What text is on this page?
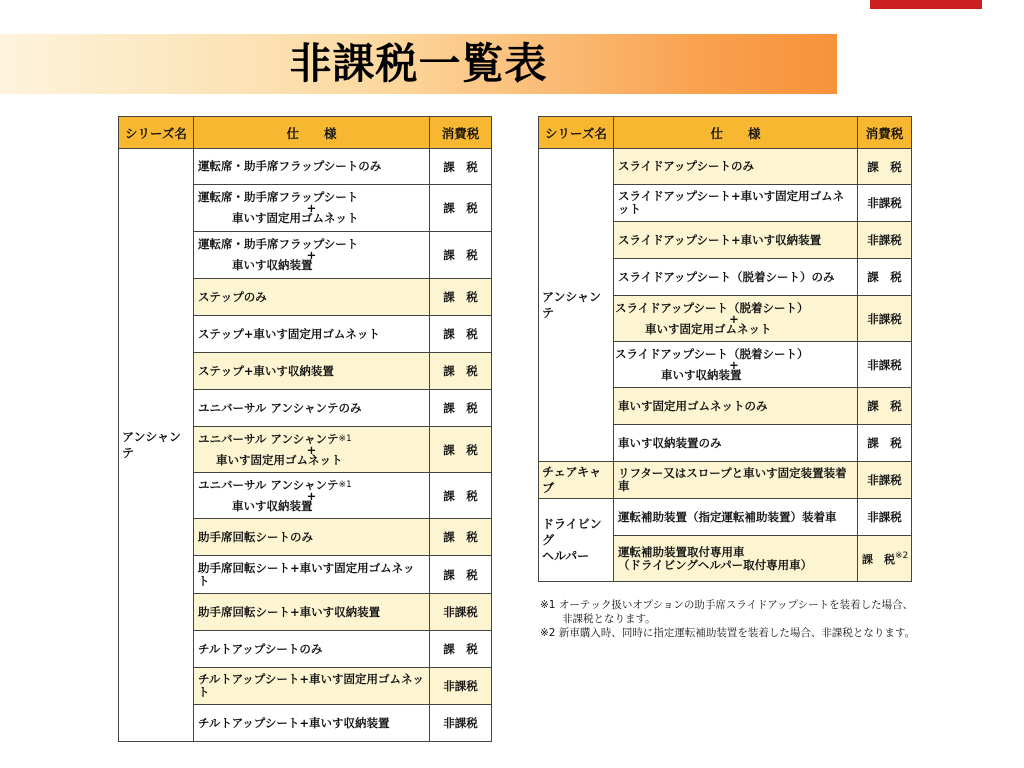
非課税一覧表
シリーズ名	仕　　様	消費税
アンシャンテ	運転席・助手席フラップシートのみ	課　税
	運転席・助手席フラップシート
+
車いす固定用ゴムネット	課　税
	運転席・助手席フラップシート
+
車いす収納装置	課　税
	ステップのみ	課　税
	ステップ+車いす固定用ゴムネット	課　税
	ステップ+車いす収納装置	課　税
	ユニバーサル アンシャンテのみ	課　税
	ユニバーサル アンシャンテ$^{※1}$
+
車いす固定用ゴムネット	課　税
	ユニバーサル アンシャンテ$^{※1}$
+
車いす収納装置	課　税
	助手席回転シートのみ	課　税
	助手席回転シート+車いす固定用ゴムネット	課　税
	助手席回転シート+車いす収納装置	非課税
	チルトアップシートのみ	課　税
	チルトアップシート+車いす固定用ゴムネット	非課税
	チルトアップシート+車いす収納装置	非課税
シリーズ名	仕　　様	消費税
アンシャンテ	スライドアップシートのみ	課　税
	スライドアップシート+車いす固定用ゴムネット	非課税
	スライドアップシート+車いす収納装置	非課税
	スライドアップシート（脱着シート）のみ	課　税
	スライドアップシート（脱着シート）
+
車いす固定用ゴムネット	非課税
	スライドアップシート（脱着シート）
+
車いす収納装置	非課税
	車いす固定用ゴムネットのみ	課　税
	車いす収納装置のみ	課　税
チェアキャブ	リフター又はスロープと車いす固定装置装着車	非課税

ドライビング
ヘルパー	運転補助装置（指定運転補助装置）装着車	非課税

	運転補助装置取付専用車
（ドライビングヘルパー取付専用車）	課　税$^{※2}$

※1 オーテック扱いオプションの助手席スライドアップシートを装着した場合、

非課税となります。

※2 新車購入時、同時に指定運転補助装置を装着した場合、非課税となります。
